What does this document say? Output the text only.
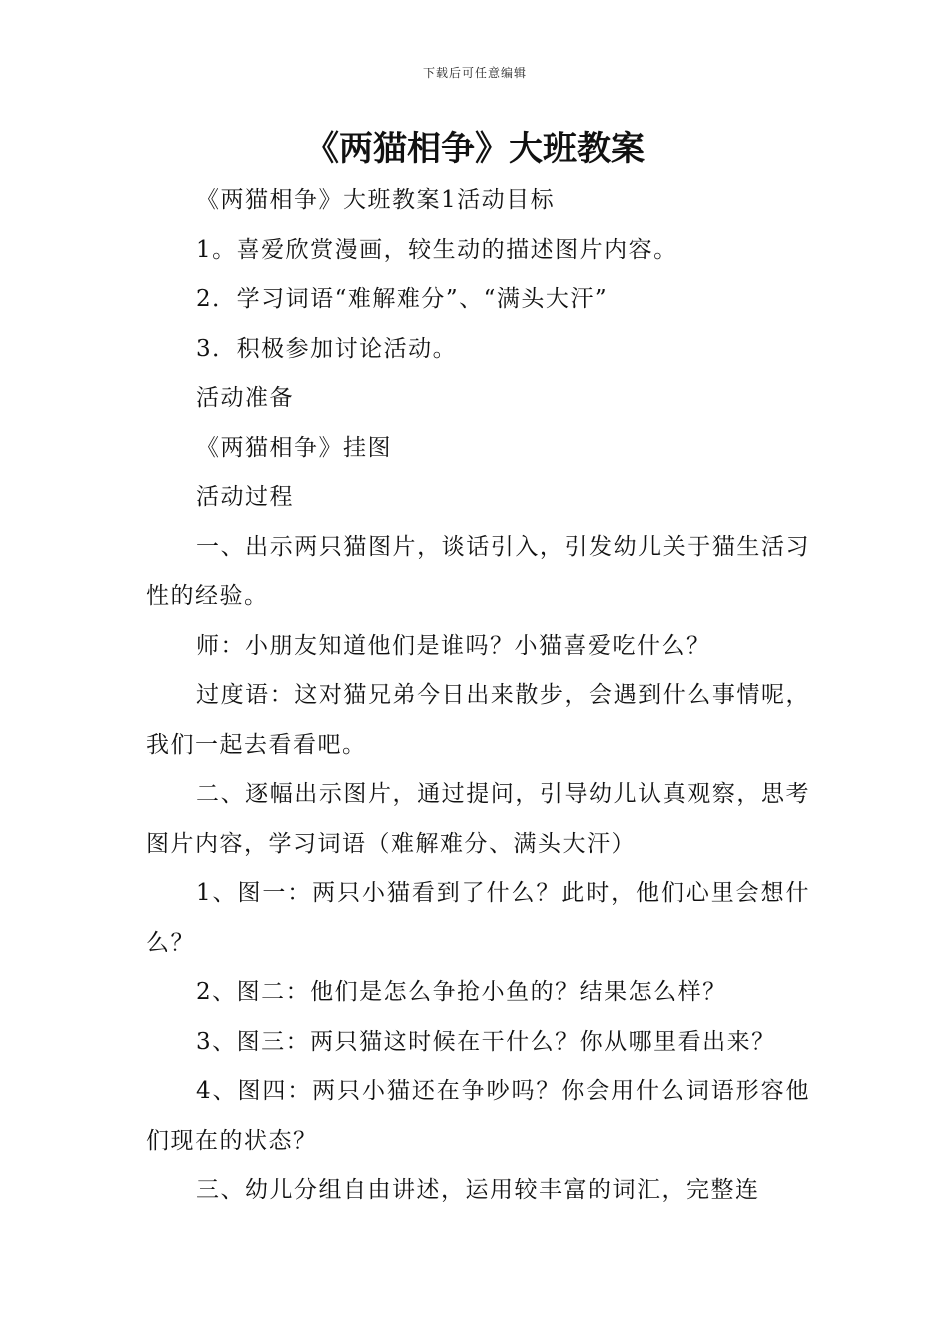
下载后可任意编辑
《两猫相争》大班教案

《两猫相争》大班教案1活动目标

1。喜爱欣赏漫画，较生动的描述图片内容。

2．学习词语“难解难分”、“满头大汗”

3．积极参加讨论活动。

活动准备

《两猫相争》挂图

活动过程

一、出示两只猫图片，谈话引入，引发幼儿关于猫生活习性的经验。

师：小朋友知道他们是谁吗？小猫喜爱吃什么？

过度语：这对猫兄弟今日出来散步，会遇到什么事情呢，我们一起去看看吧。

二、逐幅出示图片，通过提问，引导幼儿认真观察，思考图片内容，学习词语（难解难分、满头大汗）

1、图一：两只小猫看到了什么？此时，他们心里会想什么？

2、图二：他们是怎么争抢小鱼的？结果怎么样？

3、图三：两只猫这时候在干什么？你从哪里看出来？

4、图四：两只小猫还在争吵吗？你会用什么词语形容他们现在的状态？

三、幼儿分组自由讲述，运用较丰富的词汇，完整连
